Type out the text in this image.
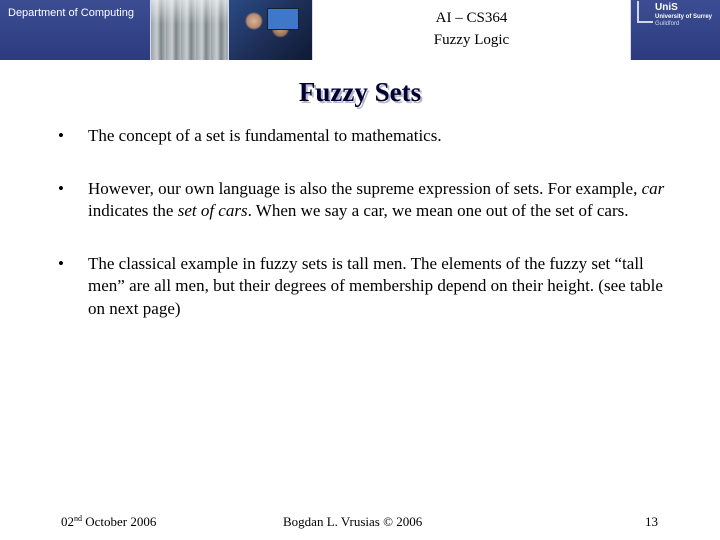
Department of Computing	AI – CS364
Fuzzy Logic
UniS
University of Surrey
Guildford
Fuzzy Sets
• The concept of a set is fundamental to mathematics.
• However, our own language is also the supreme expression of sets. For example, car indicates the set of cars. When we say a car, we mean one out of the set of cars.
• The classical example in fuzzy sets is tall men. The elements of the fuzzy set “tall men” are all men, but their degrees of membership depend on their height. (see table on next page)
02nd October 2006	Bogdan L. Vrusias © 2006	13
